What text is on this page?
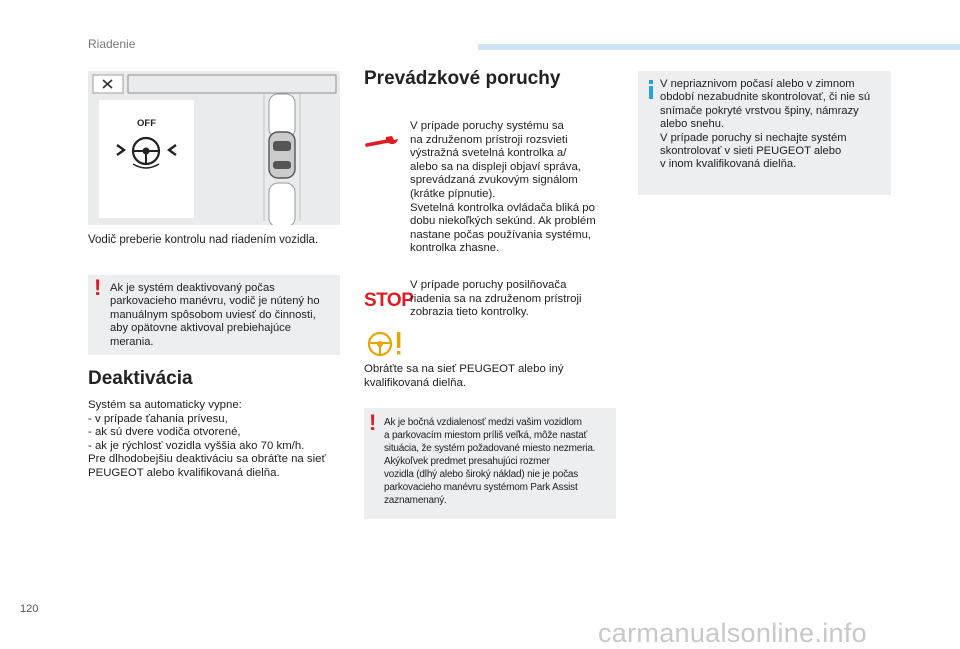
Riadenie
OFF
Vodič preberie kontrolu nad riadením vozidla.
! Ak je systém deaktivovaný počas
parkovacieho manévru, vodič je nútený ho
manuálnym spôsobom uviesť do činnosti,
aby opätovne aktivoval prebiehajúce
merania.

Deaktivácia
Systém sa automaticky vypne:
- v prípade ťahania prívesu,
- ak sú dvere vodiča otvorené,
- ak je rýchlosť vozidla vyššia ako 70 km/h.
Pre dlhodobejšiu deaktiváciu sa obráťte na sieť
PEUGEOT alebo kvalifikovaná dielňa.
Prevádzkové poruchy
V prípade poruchy systému sa
na združenom prístroji rozsvieti
výstražná svetelná kontrolka a/
alebo sa na displeji objaví správa,
sprevádzaná zvukovým signálom
(krátke pípnutie).
Svetelná kontrolka ovládača bliká po
dobu niekoľkých sekúnd. Ak problém
nastane počas používania systému,
kontrolka zhasne.
STOP
V prípade poruchy posilňovača
riadenia sa na združenom prístroji
zobrazia tieto kontrolky.
Obráťte sa na sieť PEUGEOT alebo iný
kvalifikovaná dielňa.
! Ak je bočná vzdialenosť medzi vašim vozidlom
a parkovacím miestom príliš veľká, môže nastať
situácia, že systém požadované miesto nezmeria.
Akýkoľvek predmet presahujúci rozmer
vozidla (dlhý alebo široký náklad) nie je počas
parkovacieho manévru systémom Park Assist
zaznamenaný.

V nepriaznivom počasí alebo v zimnom
období nezabudnite skontrolovať, či nie sú
snímače pokryté vrstvou špiny, námrazy
alebo snehu.
V prípade poruchy si nechajte systém
skontrolovať v sieti PEUGEOT alebo
v inom kvalifikovaná dielňa.

120
carmanualsonline.info
